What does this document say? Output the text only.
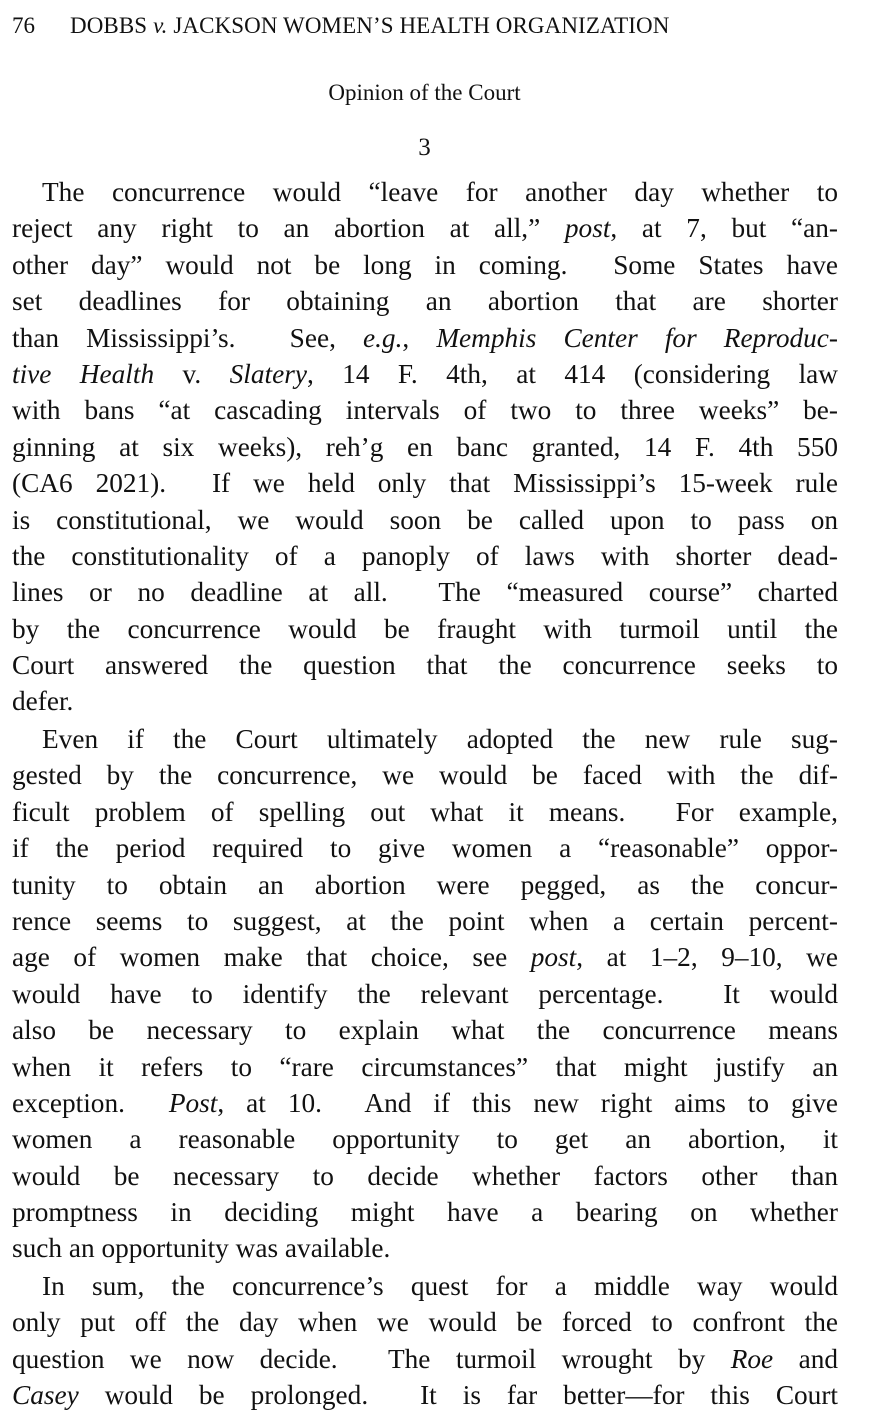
76 DOBBS v. JACKSON WOMEN’S HEALTH ORGANIZATION
Opinion of the Court
3
The concurrence would “leave for another day whether to
reject any right to an abortion at all,” post, at 7, but “an-
other day” would not be long in coming.  Some States have
set deadlines for obtaining an abortion that are shorter
than Mississippi’s.  See, e.g., Memphis Center for Reproduc-
tive Health v. Slatery, 14 F. 4th, at 414 (considering law
with bans “at cascading intervals of two to three weeks” be-
ginning at six weeks), reh’g en banc granted, 14 F. 4th 550
(CA6 2021).  If we held only that Mississippi’s 15-week rule
is constitutional, we would soon be called upon to pass on
the constitutionality of a panoply of laws with shorter dead-
lines or no deadline at all.  The “measured course” charted
by the concurrence would be fraught with turmoil until the
Court answered the question that the concurrence seeks to
defer.
Even if the Court ultimately adopted the new rule sug-
gested by the concurrence, we would be faced with the dif-
ficult problem of spelling out what it means.  For example,
if the period required to give women a “reasonable” oppor-
tunity to obtain an abortion were pegged, as the concur-
rence seems to suggest, at the point when a certain percent-
age of women make that choice, see post, at 1–2, 9–10, we
would have to identify the relevant percentage.  It would
also be necessary to explain what the concurrence means
when it refers to “rare circumstances” that might justify an
exception.  Post, at 10.  And if this new right aims to give
women a reasonable opportunity to get an abortion, it
would be necessary to decide whether factors other than
promptness in deciding might have a bearing on whether
such an opportunity was available.
In sum, the concurrence’s quest for a middle way would
only put off the day when we would be forced to confront the
question we now decide.  The turmoil wrought by Roe and
Casey would be prolonged.  It is far better—for this Court
